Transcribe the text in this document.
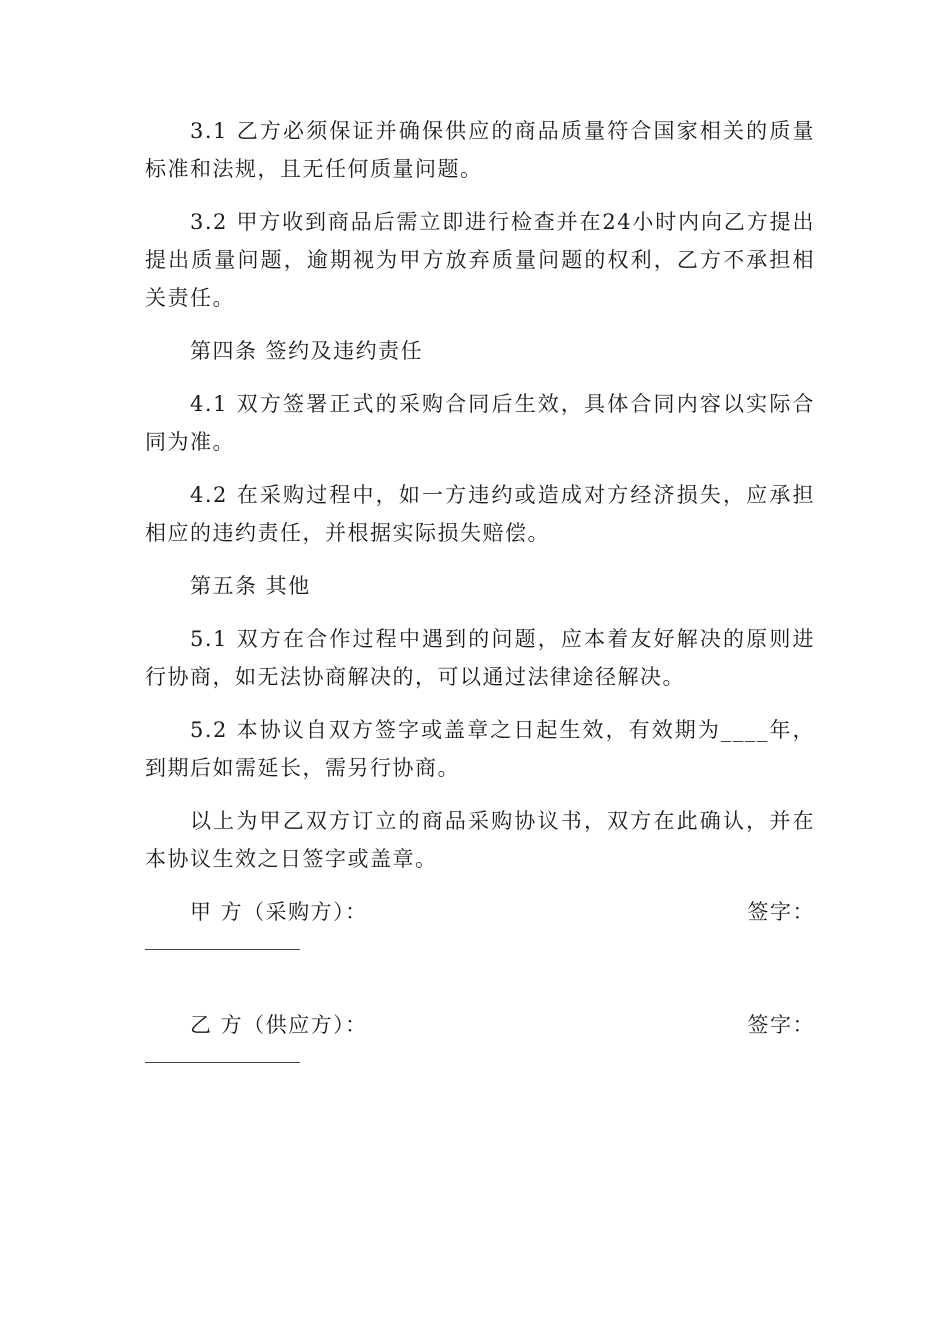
3.1 乙方必须保证并确保供应的商品质量符合国家相关的质量标准和法规，且无任何质量问题。

3.2 甲方收到商品后需立即进行检查并在24小时内向乙方提出提出质量问题，逾期视为甲方放弃质量问题的权利，乙方不承担相关责任。

第四条 签约及违约责任

4.1 双方签署正式的采购合同后生效，具体合同内容以实际合同为准。

4.2 在采购过程中，如一方违约或造成对方经济损失，应承担相应的违约责任，并根据实际损失赔偿。

第五条 其他

5.1 双方在合作过程中遇到的问题，应本着友好解决的原则进行协商，如无法协商解决的，可以通过法律途径解决。

5.2 本协议自双方签字或盖章之日起生效，有效期为____年，到期后如需延长，需另行协商。

以上为甲乙双方订立的商品采购协议书，双方在此确认，并在本协议生效之日签字或盖章。

甲 方（采购方）：	签字：
乙 方（供应方）：	签字：
